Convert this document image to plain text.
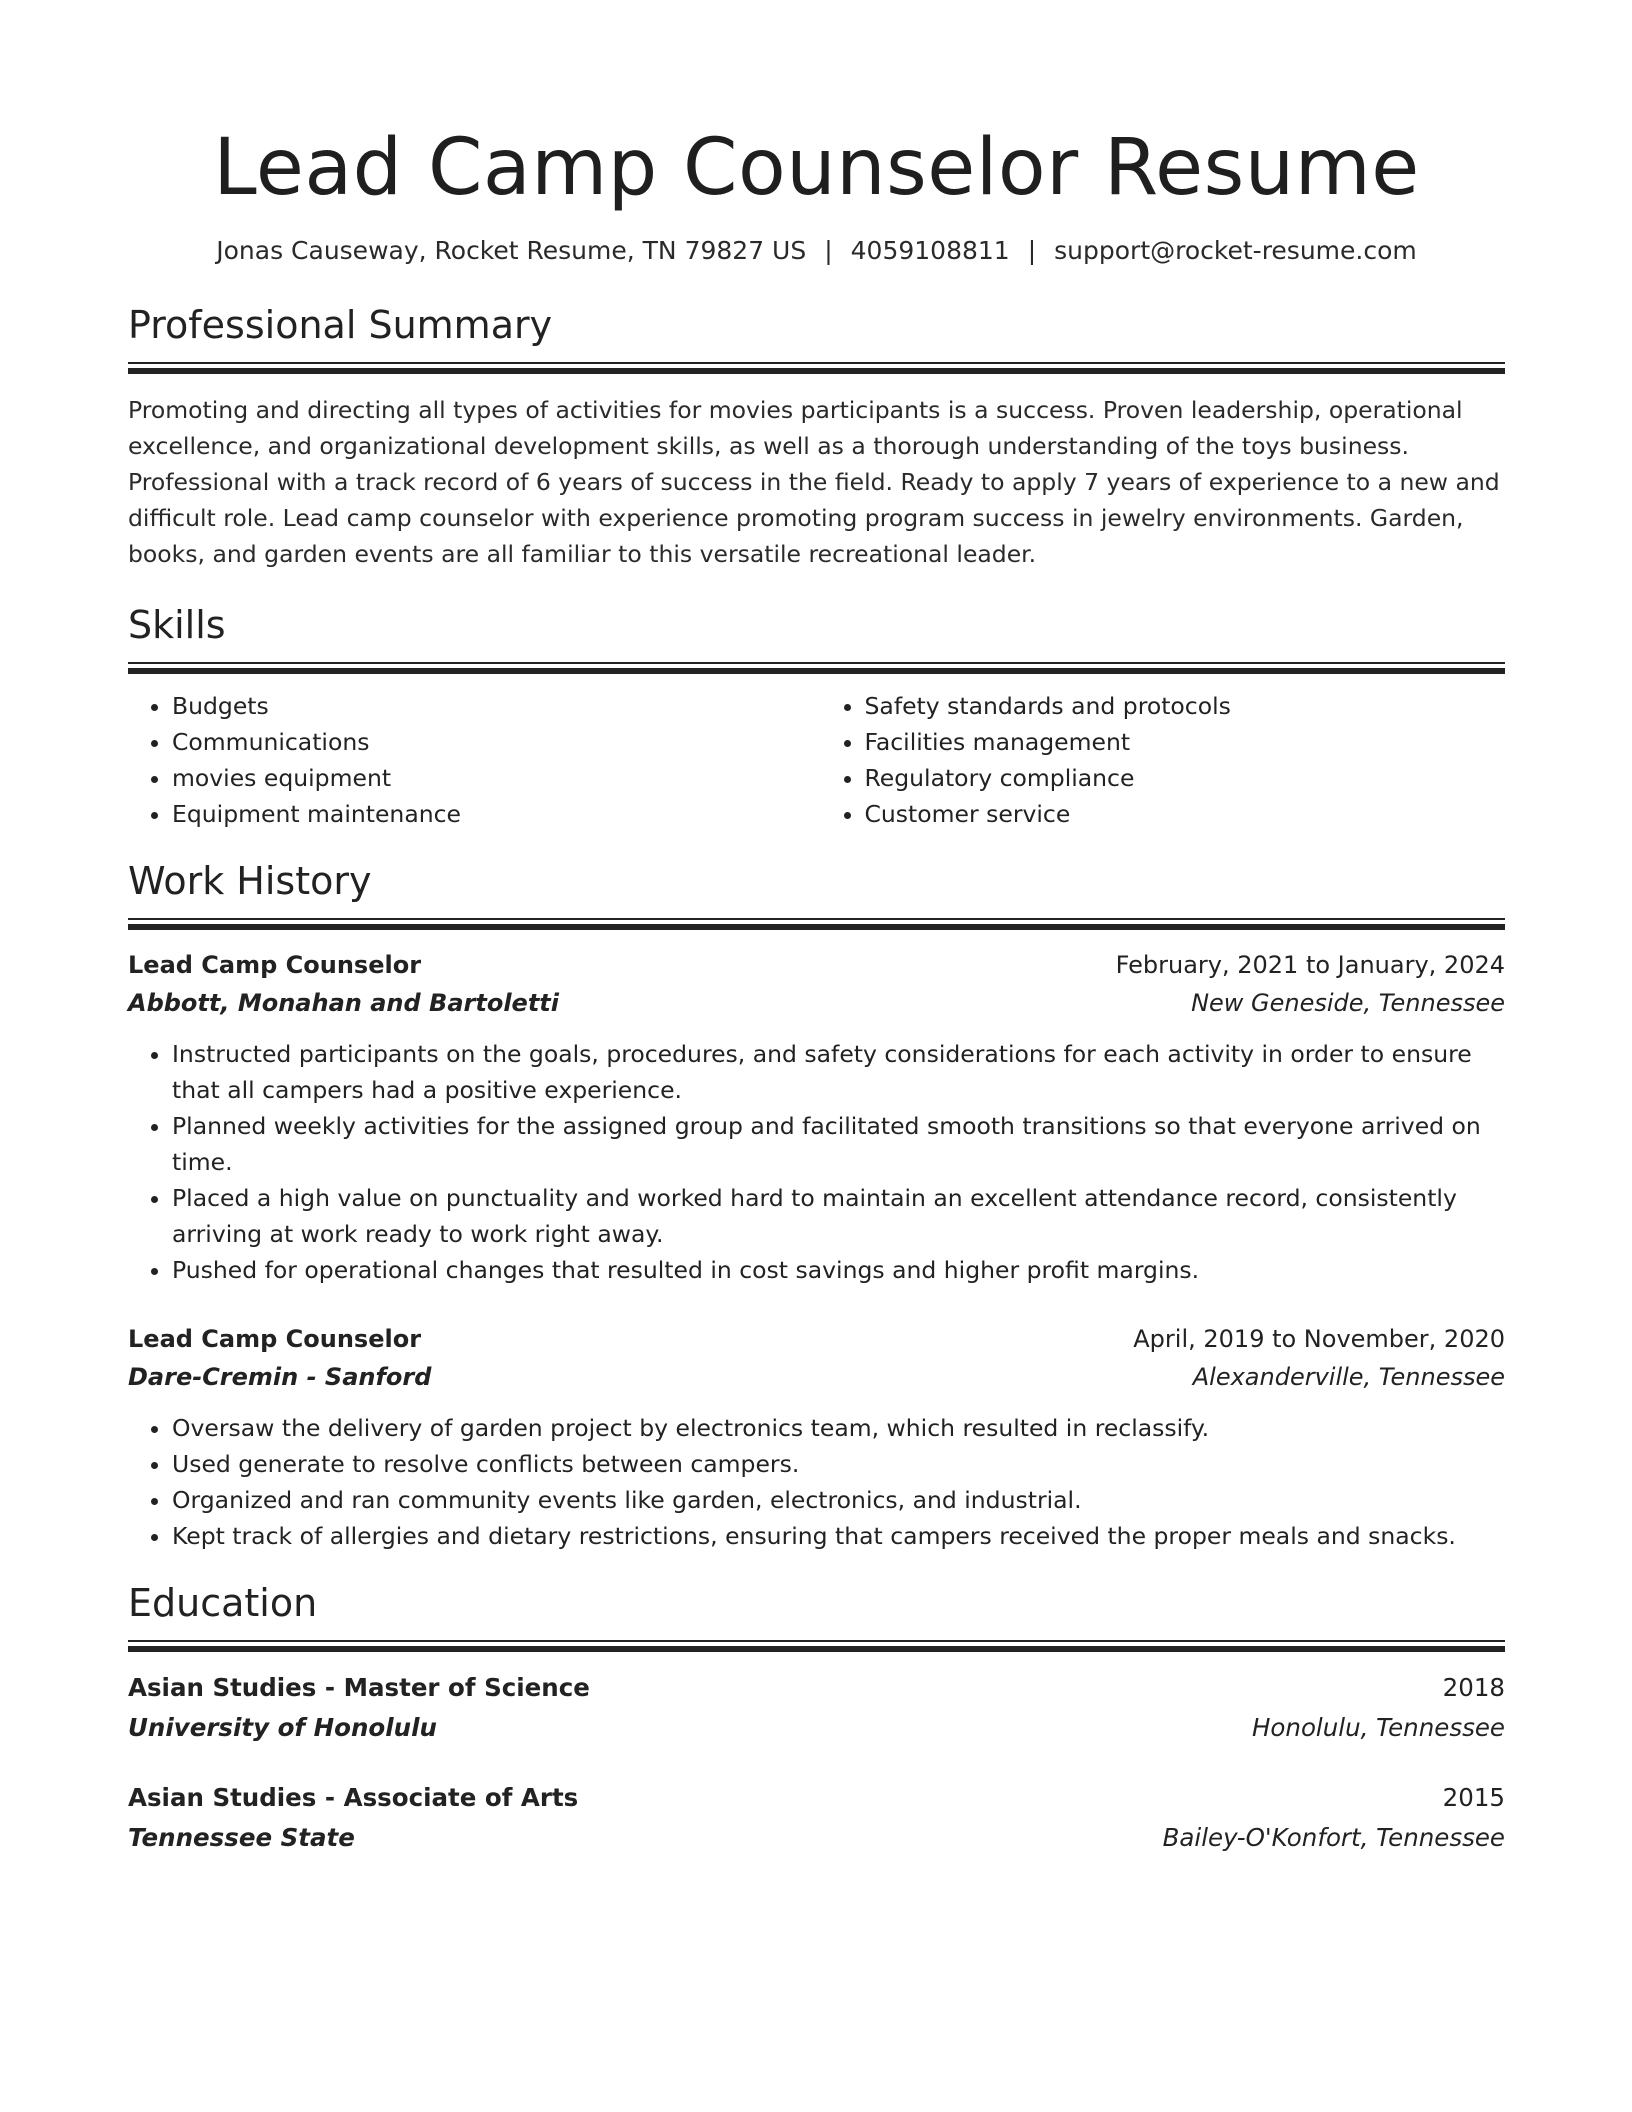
Lead Camp Counselor Resume
Jonas Causeway, Rocket Resume, TN 79827 US | 4059108811 | support@rocket-resume.com
Professional Summary

Promoting and directing all types of activities for movies participants is a success. Proven leadership, operational excellence, and organizational development skills, as well as a thorough understanding of the toys business. Professional with a track record of 6 years of success in the field. Ready to apply 7 years of experience to a new and difficult role. Lead camp counselor with experience promoting program success in jewelry environments. Garden, books, and garden events are all familiar to this versatile recreational leader.

Skills
• Budgets
• Communications
• movies equipment
• Equipment maintenance
• Safety standards and protocols
• Facilities management
• Regulatory compliance
• Customer service
Work History
Lead Camp Counselor	February, 2021 to January, 2024
Abbott, Monahan and Bartoletti	New Geneside, Tennessee
• Instructed participants on the goals, procedures, and safety considerations for each activity in order to ensure that all campers had a positive experience.
• Planned weekly activities for the assigned group and facilitated smooth transitions so that everyone arrived on time.
• Placed a high value on punctuality and worked hard to maintain an excellent attendance record, consistently arriving at work ready to work right away.
• Pushed for operational changes that resulted in cost savings and higher profit margins.
Lead Camp Counselor	April, 2019 to November, 2020
Dare-Cremin - Sanford	Alexanderville, Tennessee
• Oversaw the delivery of garden project by electronics team, which resulted in reclassify.
• Used generate to resolve conflicts between campers.
• Organized and ran community events like garden, electronics, and industrial.
• Kept track of allergies and dietary restrictions, ensuring that campers received the proper meals and snacks.
Education
Asian Studies - Master of Science	2018
University of Honolulu	Honolulu, Tennessee
Asian Studies - Associate of Arts	2015
Tennessee State	Bailey-O'Konfort, Tennessee
